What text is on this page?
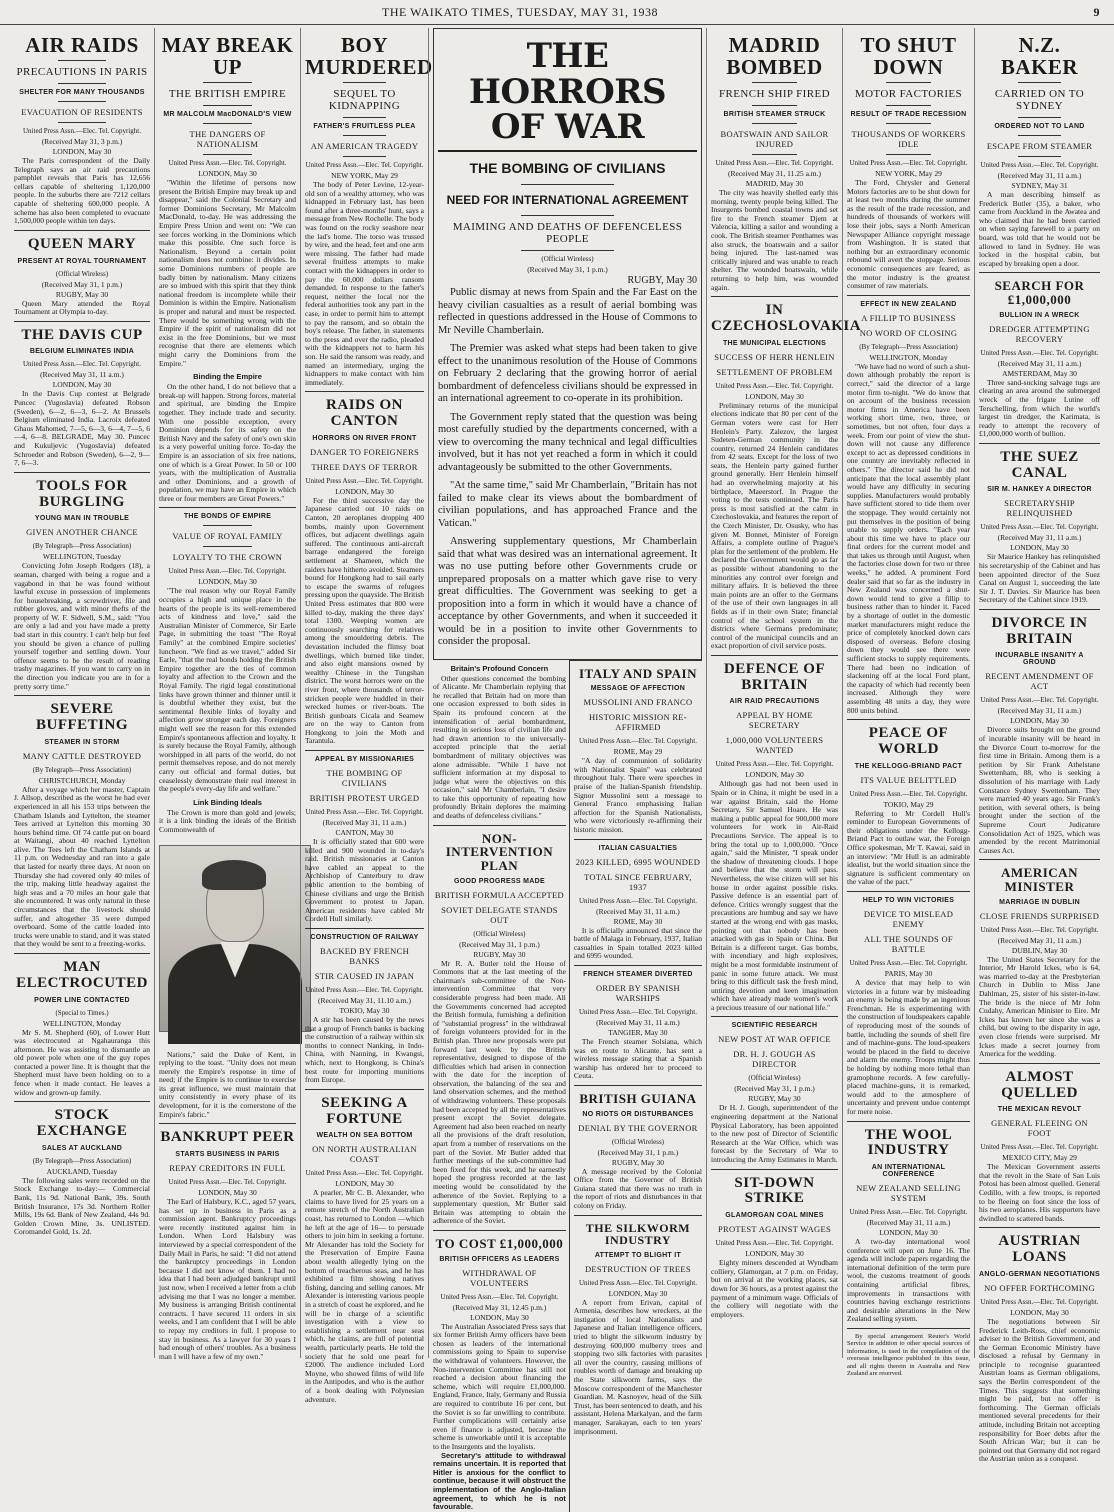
THE WAIKATO TIMES, TUESDAY, MAY 31, 1938	9
AIR RAIDS
PRECAUTIONS IN PARIS
SHELTER FOR MANY THOUSANDS
EVACUATION OF RESIDENTS
United Press Assn.—Elec. Tel. Copyright.
(Received May 31, 3 p.m.)
LONDON, May 30

The Paris correspondent of the Daily Telegraph says an air raid precautions pamphlet reveals that Paris has 12,656 cellars capable of sheltering 1,120,000 people. In the suburbs there are 7212 cellars capable of sheltering 600,000 people. A scheme has also been completed to evacuate 1,500,000 people within ten days.

QUEEN MARY
PRESENT AT ROYAL TOURNAMENT
(Official Wireless)
(Received May 31, 1 p.m.)
RUGBY, May 30

Queen Mary attended the Royal Tournament at Olympia to-day.

THE DAVIS CUP
BELGIUM ELIMINATES INDIA
United Press Assn.—Elec. Tel. Copyright.
(Received May 31, 11 a.m.)
LONDON, May 30

In the Davis Cup contest at Belgrade Puncec (Yugoslavia) defeated Robson (Sweden), 6—2, 6—3, 6—2. At Brussels Belgium eliminated India. Lacroix defeated Ghaus Mahomed, 7—5, 6—3, 6—4, 7—5, 6—4, 6—8. BELGRADE, May 30. Puncec and Kukuljevic (Yugoslavia) defeated Schroeder and Robson (Sweden), 6—2, 9—7, 6—3.

TOOLS FOR BURGLING
YOUNG MAN IN TROUBLE
GIVEN ANOTHER CHANCE
(By Telegraph—Press Association)
WELLINGTON, Tuesday

Convicting John Joseph Rodgers (18), a seaman, charged with being a rogue and a vagabond in that he was found without lawful excuse in possession of implements for housebreaking, a screwdriver, file and rubber gloves, and with minor thefts of the property of W. F. Sidwell, S.M., said: "You are only a lad and you have made a pretty bad start in this country. I can't help but feel you should be given a chance of pulling yourself together and settling down. Your offence seems to be the result of reading trashy magazines. If you want to carry on in the direction you indicate you are in for a pretty sorry time."

SEVERE BUFFETING
STEAMER IN STORM
MANY CATTLE DESTROYED
(By Telegraph—Press Association)
CHRISTCHURCH, Monday

After a voyage which her master, Captain J. Allsop, described as the worst he had ever experienced in all his 153 trips between the Chatham Islands and Lyttelton, the steamer Tees arrived at Lyttelton this morning 30 hours behind time. Of 74 cattle put on board at Waitangi, about 40 reached Lyttelton alive. The Tees left the Chatham Islands at 11 p.m. on Wednesday and ran into a gale that lasted for nearly three days. At noon on Thursday she had covered only 40 miles of the trip, making little headway against the high seas and a 70 miles an hour gale that she encountered. It was only natural in these circumstances that the livestock should suffer, and altogether 35 were dumped overboard. Some of the cattle loaded into trucks were unable to stand, and it was stated that they would be sent to a freezing-works.

MAN ELECTROCUTED
POWER LINE CONTACTED
(Special to Times.)
WELLINGTON, Monday

Mr S. M. Shepherd (60), of Lower Hutt was electrocuted at Ngahauranga this afternoon. He was assisting to dismantle an old power pole when one of the guy ropes contacted a power line. It is thought that the Shepherd must have been holding on to a fence when it made contact. He leaves a widow and grown-up family.

STOCK EXCHANGE
SALES AT AUCKLAND
(By Telegraph—Press Association)
AUCKLAND, Tuesday

The following sales were recorded on the Stock Exchange to-day:— Commercial Bank, 11s 9d. National Bank, 39s. South British Insurance, 17s 3d. Northern Roller Mills, 19s 6d. Bank of New Zealand, 44s 9d. Golden Crown Mine, 3s. UNLISTED. Coromandel Gold, 1s. 2d.

MAY BREAK UP
THE BRITISH EMPIRE
MR MALCOLM MacDONALD'S VIEW
THE DANGERS OF NATIONALISM
United Press Assn.—Elec. Tel. Copyright.
LONDON, May 30

"Within the lifetime of persons now present the British Empire may break up and disappear," said the Colonial Secretary and former Dominions Secretary, Mr Malcolm MacDonald, to-day. He was addressing the Empire Press Union and went on: "We can see forces working in the Dominions which make this possible. One such force is Nationalism. Beyond a certain point nationalism does not combine: it divides. In some Dominions numbers of people are badly bitten by nationalism. Many citizens are so imbued with this spirit that they think national freedom is incomplete while their Dominion is within the Empire. Nationalism is proper and natural and must be respected. There would be something wrong with the Empire if the spirit of nationalism did not exist in the free Dominions, but we must recognise that there are elements which might carry the Dominions from the Empire."

Binding the Empire

On the other hand, I do not believe that a break-up will happen. Strong forces, material and spiritual, are binding the Empire together. They include trade and security. With one possible exception, every Dominion depends for its safety on the British Navy and the safety of one's own skin is a very powerful uniting force. To-day the Empire is an association of six free nations, one of which is a Great Power. In 50 or 100 years, with the multiplication of Australia and other Dominions, and a growth of population, we may have an Empire in which three or four members are Great Powers."

THE BONDS OF EMPIRE
VALUE OF ROYAL FAMILY
LOYALTY TO THE CROWN
United Press Assn.—Elec. Tel. Copyright.
LONDON, May 30

"The real reason why our Royal Family occupies a high and unique place in the hearts of the people is its well-remembered acts of kindness and love," said the Australian Minister of Commerce, Sir Earle Page, in submitting the toast "The Royal Family" at the combined Empire societies' luncheon. "We find as we travel," added Sir Earle, "that the real bonds holding the British Empire together are the ties of common loyalty and affection to the Crown and the Royal Family. The rigid legal constitutional links have grown thinner and thinner until it is doubtful whether they exist, but the sentimental flexible links of loyalty and affection grow stronger each day. Foreigners might well see the reason for this extended Empire's spontaneous affection and loyalty. It is surely because the Royal Family, although worshipped in all parts of the world, do not permit themselves repose, and do not merely carry out official and formal duties, but ceaselessly demonstrate their real interest in the people's every-day life and welfare."

Link Binding Ideals

The Crown is more than gold and jewels; it is a link binding the ideals of the British Commonwealth of

Nations," said the Duke of Kent, in replying to the toast. "Unity does not mean merely the Empire's response in time of need; if the Empire is to continue to exercise its great influence, we must maintain that unity consistently in every phase of its development, for it is the cornerstone of the Empire's fabric."

BANKRUPT PEER
STARTS BUSINESS IN PARIS
REPAY CREDITORS IN FULL
United Press Assn.—Elec. Tel. Copyright.
LONDON, May 30

The Earl of Halsbury, K.C., aged 57 years, has set up in business in Paris as a commission agent. Bankruptcy proceedings were recently instituted against him in London. When Lord Halsbury was interviewed by a special correspondent of the Daily Mail in Paris, he said: "I did not attend the bankruptcy proceedings in London because I did not know of them. I had no idea that I had been adjudged bankrupt until just now, when I received a letter from a club advising me that I was no longer a member. My business is arranging British continental contracts. I have secured 11 orders in six weeks, and I am confident that I will be able to repay my creditors in full. I propose to stay in business. As a lawyer for 30 years I had enough of others' troubles. As a business man I will have a few of my own."

BOY MURDERED
SEQUEL TO KIDNAPPING
FATHER'S FRUITLESS PLEA
AN AMERICAN TRAGEDY
United Press Assn.—Elec. Tel. Copyright.
NEW YORK, May 29

The body of Peter Levine, 12-year-old son of a wealthy attorney, who was kidnapped in February last, has been found after a three-months' hunt, says a message from New Rochelle. The body was found on the rocky seashore near the lad's home. The torso was trussed by wire, and the head, feet and one arm were missing. The father had made several fruitless attempts to make contact with the kidnappers in order to pay the 60,000 dollars ransom demanded. In response to the father's request, neither the local nor the federal authorities took any part in the case, in order to permit him to attempt to pay the ransom, and so obtain the boy's release. The father, in statements to the press and over the radio, pleaded with the kidnappers not to harm his son. He said the ransom was ready, and named an intermediary, urging the kidnappers to make contact with him immediately.

RAIDS ON CANTON
HORRORS ON RIVER FRONT
DANGER TO FOREIGNERS
THREE DAYS OF TERROR
United Press Assn.—Elec. Tel. Copyright.
LONDON, May 30

For the third successive day the Japanese carried out 10 raids on Canton, 20 aeroplanes dropping 400 bombs, mainly upon Government offices, but adjacent dwellings again suffered. The continuous anti-aircraft barrage endangered the foreign settlement at Shameen, which the raiders have hitherto avoided. Steamers bound for Hongkong had to sail early to escape the swarms of refugees pressing upon the quayside. The British United Press estimates that 800 were killed to-day, making the three days' total 1300. Weeping women are continuously searching for relatives among the smouldering debris. The devastation included the flimsy boat dwellings, which burned like tinder, and also eight mansions owned by wealthy Chinese in the Tungshan district. The worst horrors were on the river front, where thousands of terror-stricken people were huddled in their wrecked homes or river-boats. The British gunboats Cicala and Seamew are on the way to Canton from Hongkong to join the Moth and Tarantula.

APPEAL BY MISSIONARIES
THE BOMBING OF CIVILIANS
BRITISH PROTEST URGED
United Press Assn.—Elec. Tel. Copyright.
(Received May 31, 11 a.m.)
CANTON, May 30

It is officially stated that 600 were killed and 900 wounded in to-day's raid. British missionaries at Canton have cabled an appeal to the Archbishop of Canterbury to draw public attention to the bombing of Chinese civilians and urge the British Government to protest to Japan. American residents have cabled Mr Cordell Hull similarly.

CONSTRUCTION OF RAILWAY
BACKED BY FRENCH BANKS
STIR CAUSED IN JAPAN
United Press Assn.—Elec. Tel. Copyright.
(Received May 31, 11.10 a.m.)
TOKIO, May 30

A stir has been caused by the news that a group of French banks is backing the construction of a railway within six months to connect Nanking, in Indo-China, with Nanning, in Kwangsi, which, next to Hongkong, is China's best route for importing munitions from Europe.

SEEKING A FORTUNE
WEALTH ON SEA BOTTOM
ON NORTH AUSTRALIAN COAST
United Press Assn.—Elec. Tel. Copyright.
LONDON, May 30

A pearler, Mr C. B. Alexander, who claims to have lived for 25 years on a remote stretch of the North Australian coast, has returned to London —which he left at the age of 16— to persuade others to join him in seeking a fortune. Mr Alexander has told the Society for the Preservation of Empire Fauna about wealth allegedly lying on the bottom of treacherous seas, and he has exhibited a film showing natives fishing, dancing and selling canoes. Mr Alexander is interesting various people in a stretch of coast he explored, and he will be in charge of a scientific investigation with a view to establishing a settlement near seas which, he claims, are full of potential wealth, particularly pearls. He told the society that he sold one pearl for £2000. The audience included Lord Moyne, who showed films of wild life in the Antipodes, and who is the author of a book dealing with Polynesian adventure.

THE HORRORS OF WAR
THE BOMBING OF CIVILIANS
NEED FOR INTERNATIONAL AGREEMENT
MAIMING AND DEATHS OF DEFENCELESS PEOPLE
(Official Wireless)
(Received May 31, 1 p.m.)
RUGBY, May 30

Public dismay at news from Spain and the Far East on the heavy civilian casualties as a result of aerial bombing was reflected in questions addressed in the House of Commons to Mr Neville Chamberlain.

The Premier was asked what steps had been taken to give effect to the unanimous resolution of the House of Commons on February 2 declaring that the growing horror of aerial bombardment of defenceless civilians should be expressed in an international agreement to co-operate in its prohibition.

The Government reply stated that the question was being most carefully studied by the departments concerned, with a view to overcoming the many technical and legal difficulties involved, but it has not yet reached a form in which it could advantageously be submitted to the other Governments.

"At the same time," said Mr Chamberlain, "Britain has not failed to make clear its views about the bombardment of civilian populations, and has approached France and the Vatican."

Answering supplementary questions, Mr Chamberlain said that what was desired was an international agreement. It was no use putting before other Governments crude or unprepared proposals on a matter which gave rise to very great difficulties. The Government was seeking to get a proposition into a form in which it would have a chance of acceptance by other Governments, and when it succeeded it would be in a position to invite other Governments to consider the proposal.

Britain's Profound Concern

Other questions concerned the bombing of Alicante. Mr Chamberlain replying that he recalled that Britain had on more than one occasion expressed to both sides in Spain its profound concern at the intensification of aerial bombardment, resulting in serious loss of civilian life and had drawn attention to the universally-accepted principle that the aerial bombardment of military objectives was alone admissible. "While I have not sufficient information at my disposal to judge what were the objectives on this occasion," said Mr Chamberlain, "I desire to take this opportunity of repeating how profoundly Britain deplores the maiming and deaths of defenceless civilians."

NON-INTERVENTION PLAN
GOOD PROGRESS MADE
BRITISH FORMULA ACCEPTED
SOVIET DELEGATE STANDS OUT
(Official Wireless)
(Received May 31, 1 p.m.)
RUGBY, May 30

Mr R. A. Butler told the House of Commons that at the last meeting of the chairman's sub-committee of the Non-intervention Committee that very considerable progress had been made. All the Governments concerned had accepted the British formula, furnishing a definition of "substantial progress" in the withdrawal of foreign volunteers provided for in the British plan. Three new proposals were put forward last week by the British representative, designed to dispose of the difficulties which had arisen in connection with the date for the inception of observation, the balancing of the sea and land observation schemes, and the method of withdrawing volunteers. These proposals had been accepted by all the representatives present except the Soviet delegate. Agreement had also been reached on nearly all the provisions of the draft resolution, apart from a number of reservations on the part of the Soviet. Mr Butler added that further meetings of the sub-committee had been fixed for this week, and he earnestly hoped the progress recorded at the last meeting would be consolidated by the adherence of the Soviet. Replying to a supplementary question, Mr Butler said Britain was attempting to obtain the adherence of the Soviet.

TO COST £1,000,000
BRITISH OFFICERS AS LEADERS
WITHDRAWAL OF VOLUNTEERS
United Press Assn.—Elec. Tel. Copyright.
(Received May 31, 12.45 p.m.)
LONDON, May 30

The Australian Associated Press says that six former British Army officers have been chosen as leaders of the international commissions going to Spain to supervise the withdrawal of volunteers. However, the Non-intervention Committee has still not reached a decision about financing the scheme, which will require £1,000,000. England, France, Italy, Germany and Russia are required to contribute 16 per cent, but the Soviet is so far unwilling to contribute. Further complications will certainly arise even if finance is adjusted, because the scheme is unworkable until it is acceptable to the Insurgents and the loyalists.

Secretary's attitude to withdrawal remains uncertain. It is reported that Hitler is anxious for the conflict to continue, because it will obstruct the implementation of the Anglo-Italian agreement, to which he is not favourable.

ITALY AND SPAIN
MESSAGE OF AFFECTION
MUSSOLINI AND FRANCO
HISTORIC MISSION RE-AFFIRMED
United Press Assn.—Elec. Tel. Copyright.
ROME, May 29

"A day of communion of solidarity with Nationalist Spain" was celebrated throughout Italy. There were speeches in praise of the Italian-Spanish friendship. Signor Mussolini sent a message to General Franco emphasising Italian affection for the Spanish Nationalists, who were victoriously re-affirming their historic mission.

ITALIAN CASUALTIES
2023 KILLED, 6995 WOUNDED
TOTAL SINCE FEBRUARY, 1937
United Press Assn.—Elec. Tel. Copyright.
(Received May 31, 11 a.m.)
ROME, May 30

It is officially announced that since the battle of Malaga in February, 1937, Italian casualties in Spain totalled 2023 killed and 6995 wounded.

FRENCH STEAMER DIVERTED
ORDER BY SPANISH WARSHIPS
United Press Assn.—Elec. Tel. Copyright.
(Received May 31, 11 a.m.)
TANGIER, May 30

The French steamer Solsiana, which was en route to Alicante, has sent a wireless message stating that a Spanish warship has ordered her to proceed to Ceuta.

BRITISH GUIANA
NO RIOTS OR DISTURBANCES
DENIAL BY THE GOVERNOR
(Official Wireless)
(Received May 31, 1 p.m.)
RUGBY, May 30

A message received by the Colonial Office from the Governor of British Guiana stated that there was no truth in the report of riots and disturbances in that colony on Friday.

THE SILKWORM INDUSTRY
ATTEMPT TO BLIGHT IT
DESTRUCTION OF TREES
United Press Assn.—Elec. Tel. Copyright.
LONDON, May 30

A report from Erivan, capital of Armenia, describes how wreckers, at the instigation of local Nationalists and Japanese and Italian intelligence officers, tried to blight the silkworm industry by destroying 600,000 mulberry trees and stopping two silk factories with parasites all over the country, causing millions of roubles worth of damage and breaking up the State silkworm farms, says the Moscow correspondent of the Manchester Guardian. M. Kasnoyev, head of the Silk Trust, has been sentenced to death, and his assistant, Helena Markalyan, and the farm manager, Sarakayan, each to ten years' imprisonment.

MADRID BOMBED
FRENCH SHIP FIRED
BRITISH STEAMER STRUCK
BOATSWAIN AND SAILOR INJURED
United Press Assn.—Elec. Tel. Copyright.
(Received May 31, 11.25 a.m.)
MADRID, May 30

The city was heavily shelled early this morning, twenty people being killed. The Insurgents bombed coastal towns and set fire to the French steamer Djem at Valencia, killing a sailor and wounding a cook. The British steamer Penthames was also struck, the boatswain and a sailor being injured. The last-named was critically injured and was unable to reach shelter. The wounded boatswain, while returning to help him, was wounded again.

IN CZECHOSLOVAKIA
THE MUNICIPAL ELECTIONS
SUCCESS OF HERR HENLEIN
SETTLEMENT OF PROBLEM
United Press Assn.—Elec. Tel. Copyright.
LONDON, May 30

Preliminary returns of the municipal elections indicate that 80 per cent of the German voters were cast for Herr Henlein's Party. Zalezov, the largest Sudeten-German community in the country, returned 24 Henlein candidates from 42 seats. Except for the loss of two seats, the Henlein party gained further ground generally. Herr Henlein himself had an overwhelming majority at his birthplace, Maeerstorf. In Prague the voting to the tests continued. The Paris press is most satisfied at the calm in Czechoslovakia, and features the report of the Czech Minister, Dr. Osusky, who has given M. Bonnet, Minister of Foreign Affairs, a complete outline of Prague's plan for the settlement of the problem. He declared the Government would go as far as possible without abandoning to the minorities any control over foreign and military affairs. It is believed the three main points are an offer to the Germans of the use of their own languages in all fields as if in their own State; financial control of the school system in the districts where Germans predominate; control of the municipal councils and an exact proportion of civil service posts.

DEFENCE OF BRITAIN
AIR RAID PRECAUTIONS
APPEAL BY HOME SECRETARY
1,000,000 VOLUNTEERS WANTED
United Press Assn.—Elec. Tel. Copyright.
LONDON, May 30

Although gas had not been used in Spain or in China, it might be used in a war against Britain, said the Home Secretary, Sir Samuel Hoare. He was making a public appeal for 900,000 more volunteers for work in Air-Raid Precautions Service. The appeal is to bring the total up to 1,000,000. "Once again," said the Minister, "I speak under the shadow of threatening clouds. I hope and believe that the storm will pass. Nevertheless, the wise citizen will set his house in order against possible risks. Passive defence is an essential part of defence. Critics wrongly suggest that the precautions are humbug and say we have started at the wrong end with gas masks, pointing out that nobody has been attacked with gas in Spain or China. But Britain is a different target. Gas bombs, with incendiary and high explosives, might be a most formidable instrument of panic in some future attack. We must bring to this difficult task the fresh mind, untiring devotion and keen imagination which have already made women's work a precious treasure of our national life."

SCIENTIFIC RESEARCH
NEW POST AT WAR OFFICE
DR. H. J. GOUGH AS DIRECTOR
(Official Wireless)
(Received May 31, 1 p.m.)
RUGBY, May 30

Dr H. J. Gough, superintendent of the engineering department at the National Physical Laboratory, has been appointed to the new post of Director of Scientific Research at the War Office, which was forecast by the Secretary of War to introducing the Army Estimates in March.

SIT-DOWN STRIKE
GLAMORGAN COAL MINES
PROTEST AGAINST WAGES
United Press Assn.—Elec. Tel. Copyright.
LONDON, May 30

Eighty miners descended at Wyndham colliery, Glamorgan, at 7 p.m. on Friday, but on arrival at the working places, sat down for 36 hours, as a protest against the payment of a minimum wage. Officials of the colliery will negotiate with the employers.

TO SHUT DOWN
MOTOR FACTORIES
RESULT OF TRADE RECESSION
THOUSANDS OF WORKERS IDLE
United Press Assn.—Elec. Tel. Copyright.
NEW YORK, May 29

The Ford, Chrysler and General Motors factories are to be shut down for at least two months during the summer as the result of the trade recession, and hundreds of thousands of workers will lose their jobs, says a North American Newspaper Alliance copyright message from Washington. It is stated that nothing but an extraordinary economic rebound will avert the stoppage. Serious economic consequences are feared, as the motor industry is the greatest consumer of raw materials.

EFFECT IN NEW ZEALAND
A FILLIP TO BUSINESS
NO WORD OF CLOSING
(By Telegraph—Press Association)
WELLINGTON, Monday

"We have had no word of such a shut-down although probably the report is correct," said the director of a large motor firm to-night. "We do know that on account of the business recession motor firms in America have been working short time, two, three, or sometimes, but not often, four days a week. From our point of view the shut-down will not cause any difference except to act as depressed conditions in one country are inevitably reflected in others." The director said he did not anticipate that the local assembly plant would have any difficulty in securing supplies. Manufacturers would probably have sufficient stored to tide them over the stoppage. They would certainly not put themselves in the position of being unable to supply orders. "Each year about this time we have to place our final orders for the current model and that takes us through until August, when the factories close down for two or three weeks," he added. A prominent Ford dealer said that so far as the industry in New Zealand was concerned a shut-down would tend to give a fillip to business rather than to hinder it. Faced by a shortage of outlet in the domestic market manufacturers might reduce the price of completely knocked down cars disposed of overseas. Before closing down they would see there were sufficient stocks to supply requirements. There had been no indication of slackening off at the local Ford plant, the capacity of which had recently been increased. Although they were assembling 48 units a day, they were 800 units behind.

PEACE OF WORLD
THE KELLOGG-BRIAND PACT
ITS VALUE BELITTLED
United Press Assn.—Elec. Tel. Copyright.
TOKIO, May 29

Referring to Mr Cordell Hull's reminder to European Governments of their obligations under the Kellogg-Briand Pact to outlaw war, the Foreign Office spokesman, Mr T. Kawai, said in an interview: "Mr Hull is an admirable idealist, but the world situation since the signature is sufficient commentary on the value of the pact."

HELP TO WIN VICTORIES
DEVICE TO MISLEAD ENEMY
ALL THE SOUNDS OF BATTLE
United Press Assn.—Elec. Tel. Copyright.
PARIS, May 30

A device that may help to win victories in a future war by misleading an enemy is being made by an ingenious Frenchman. He is experimenting with the construction of loudspeakers capable of reproducing most of the sounds of battle, including the sounds of shell fire and of machine-guns. The loud-speakers would be placed in the field to deceive and alarm the enemy. Troops might thus be holding by nothing more lethal than gramophone records. A few carefully-placed machine-guns, it is remarked, would add to the atmosphere of uncertainty and prevent undue contempt for mere noise.

THE WOOL INDUSTRY
AN INTERNATIONAL CONFERENCE
NEW ZEALAND SELLING SYSTEM
United Press Assn.—Elec. Tel. Copyright.
(Received May 31, 11 a.m.)
LONDON, May 30

A two-day international wool conference will open on June 16. The agenda will include papers regarding the international definition of the term pure wool, the customs treatment of goods containing artificial fibres, improvements in transactions with countries having exchange restrictions and desirable alterations in the New Zealand selling system.

By special arrangement Reuter's World Service in addition to other special sources of information, is used in the compilation of the overseas intelligence published in this issue, and all rights therein in Australia and New Zealand are reserved.

N.Z. BAKER
CARRIED ON TO SYDNEY
ORDERED NOT TO LAND
ESCAPE FROM STEAMER
United Press Assn.—Elec. Tel. Copyright.
(Received May 31, 11 a.m.)
SYDNEY, May 31

A man describing himself as Frederick Butler (35), a baker, who came from Auckland in the Awatea and who claimed that he had been carried on when saying farewell to a party on board, was told that he would not be allowed to land in Sydney. He was locked in the hospital cabin, but escaped by breaking open a door.

SEARCH FOR £1,000,000
BULLION IN A WRECK
DREDGER ATTEMPTING RECOVERY
United Press Assn.—Elec. Tel. Copyright.
(Received May 31, 11 a.m.)
AMSTERDAM, May 30

Three sand-sucking salvage tugs are clearing an area around the submerged wreck of the frigate Lutine off Terschelling, from which the world's largest tin dredger, the Karimata, is ready to attempt the recovery of £1,000,000 worth of bullion.

THE SUEZ CANAL
SIR M. HANKEY A DIRECTOR
SECRETARYSHIP RELINQUISHED
United Press Assn.—Elec. Tel. Copyright.
(Received May 31, 11 a.m.)
LONDON, May 30

Sir Maurice Hankey has relinquished his secretaryship of the Cabinet and has been appointed director of the Suez Canal on August 1, succeeding the late Sir J. T. Davies. Sir Maurice has been Secretary of the Cabinet since 1919.

DIVORCE IN BRITAIN
INCURABLE INSANITY A GROUND
RECENT AMENDMENT OF ACT
United Press Assn.—Elec. Tel. Copyright.
(Received May 31, 11 a.m.)
LONDON, May 30

Divorce suits brought on the ground of incurable insanity will be heard in the Divorce Court to-morrow for the first time in Britain. Among them is a petition by Sir Frank Athelstane Swettenham, 88, who is seeking a dissolution of his marriage with Lady Constance Sydney Swettenham. They were married 40 years ago. Sir Frank's petition, with several others, is being brought under the section of the Supreme Court Judicature Consolidation Act of 1925, which was amended by the recent Matrimonial Causes Act.

AMERICAN MINISTER
MARRIAGE IN DUBLIN
CLOSE FRIENDS SURPRISED
United Press Assn.—Elec. Tel. Copyright.
(Received May 31, 11 a.m.)
DUBLIN, May 30

The United States Secretary for the Interior, Mr Harold Ickes, who is 64, was married to-day at the Presbyterian Church in Dublin to Miss Jane Dahlman, 25, sister of his sister-in-law. The bride is the niece of Mr John Cudahy, American Minister to Eire. Mr Ickes has known her since she was a child, but owing to the disparity in age, even close friends were surprised. Mr Ickes made a secret journey from America for the wedding.

ALMOST QUELLED
THE MEXICAN REVOLT
GENERAL FLEEING ON FOOT
United Press Assn.—Elec. Tel. Copyright.
MEXICO CITY, May 29

The Mexican Government asserts that the revolt in the State of San Luis Potosi has been almost quelled. General Cedillo, with a few troops, is reported to be fleeing on foot since the loss of his two aeroplanes. His supporters have dwindled to scattered bands.

AUSTRIAN LOANS
ANGLO-GERMAN NEGOTIATIONS
NO OFFER FORTHCOMING
United Press Assn.—Elec. Tel. Copyright.
LONDON, May 30

The negotiations between Sir Frederick Leith-Ross, chief economic adviser to the British Government, and the German Economic Ministry have disclosed a refusal by Germany in principle to recognise guaranteed Austrian loans as German obligations, says the Berlin correspondent of the Times. This suggests that something might be paid, but no offer is forthcoming. The German officials mentioned several precedents for their attitude, including Britain not accepting responsibility for Boer debts after the South African War; but it can be pointed out that Germany did not regard the Austrian union as a conquest.
